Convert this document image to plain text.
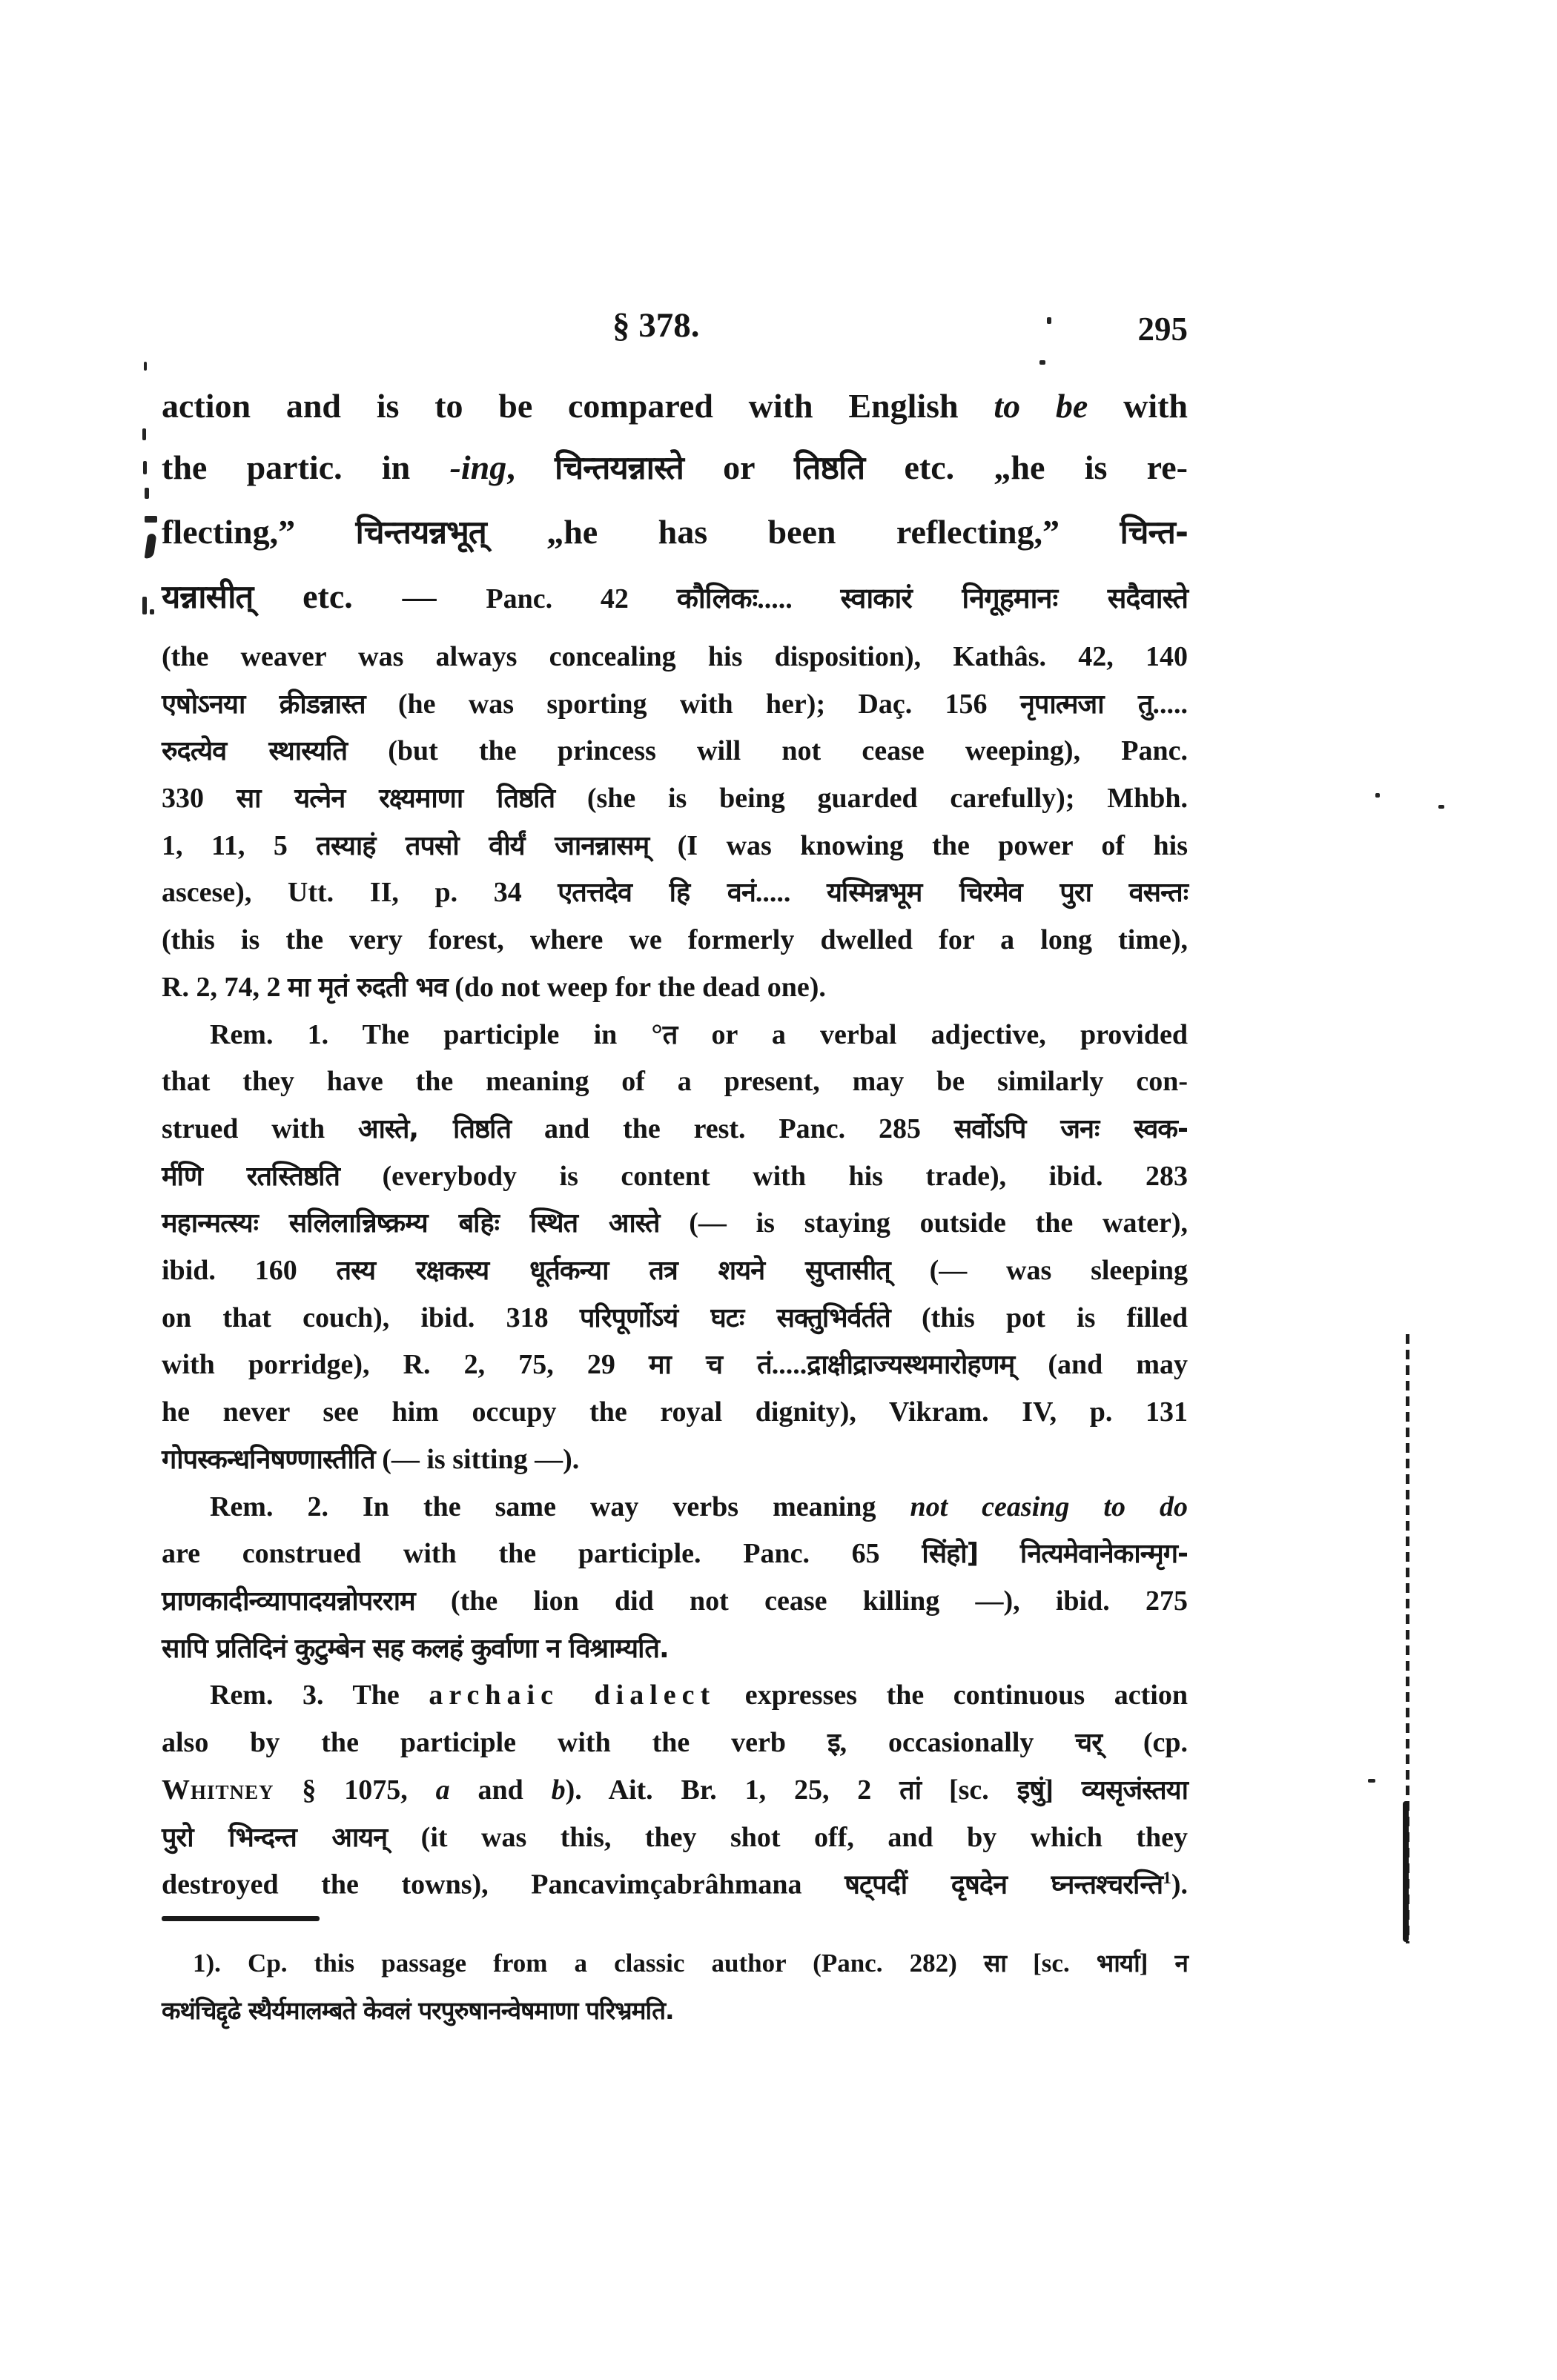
§ 378.	295
action and is to be compared with English to be with
the partic. in -ing, चिन्तयन्नास्ते or तिष्ठति etc. „he is re-
flecting,” चिन्तयन्नभूत् „he has been reflecting,” चिन्त-
यन्नासीत् etc. — Panc. 42 कौलिकः..... स्वाकारं निगूहमानः सदैवास्ते
(the weaver was always concealing his disposition), Kathâs. 42, 140
एषोऽनया क्रीडन्नास्त (he was sporting with her); Daç. 156 नृपात्मजा तु.....
रुदत्येव स्थास्यति (but the princess will not cease weeping), Panc.
330 सा यत्नेन रक्ष्यमाणा तिष्ठति (she is being guarded carefully); Mhbh.
1, 11, 5 तस्याहं तपसो वीर्यं जानन्नासम् (I was knowing the power of his
ascese), Utt. II, p. 34 एतत्तदेव हि वनं..... यस्मिन्नभूम चिरमेव पुरा वसन्तः
(this is the very forest, where we formerly dwelled for a long time),
R. 2, 74, 2 मा मृतं रुदती भव (do not weep for the dead one).
Rem. 1. The participle in °त or a verbal adjective, provided
that they have the meaning of a present, may be similarly con-
strued with आस्ते, तिष्ठति and the rest. Panc. 285 सर्वोऽपि जनः स्वक-
र्मणि रतस्तिष्ठति (everybody is content with his trade), ibid. 283
महान्मत्स्यः सलिलान्निष्क्रम्य बहिः स्थित आस्ते (— is staying outside the water),
ibid. 160 तस्य रक्षकस्य धूर्तकन्या तत्र शयने सुप्तासीत् (— was sleeping
on that couch), ibid. 318 परिपूर्णोऽयं घटः सक्तुभिर्वर्तते (this pot is filled
with porridge), R. 2, 75, 29 मा च तं.....द्राक्षीद्राज्यस्थमारोहणम् (and may
he never see him occupy the royal dignity), Vikram. IV, p. 131
गोपस्कन्धनिषण्णास्तीति (— is sitting —).
Rem. 2. In the same way verbs meaning not ceasing to do
are construed with the participle. Panc. 65 सिंहो] नित्यमेवानेकान्मृग-
प्राणकादीन्व्यापादयन्नोपरराम (the lion did not cease killing —), ibid. 275
सापि प्रतिदिनं कुटुम्बेन सह कलहं कुर्वाणा न विश्राम्यति.
Rem. 3. The archaic dialect expresses the continuous action
also by the participle with the verb इ, occasionally चर् (cp.
Whitney § 1075, a and b). Ait. Br. 1, 25, 2 तां [sc. इषुं] व्यसृजंस्तया
पुरो भिन्दन्त आयन् (it was this, they shot off, and by which they
destroyed the towns), Pancavimçabrâhmana षट्पदीं दृषदेन घ्नन्तश्चरन्ति$^1$).
1). Cp. this passage from a classic author (Panc. 282) सा [sc. भार्या] न
कथंचिद्दृढे स्थैर्यमालम्बते केवलं परपुरुषानन्वेषमाणा परिभ्रमति.
